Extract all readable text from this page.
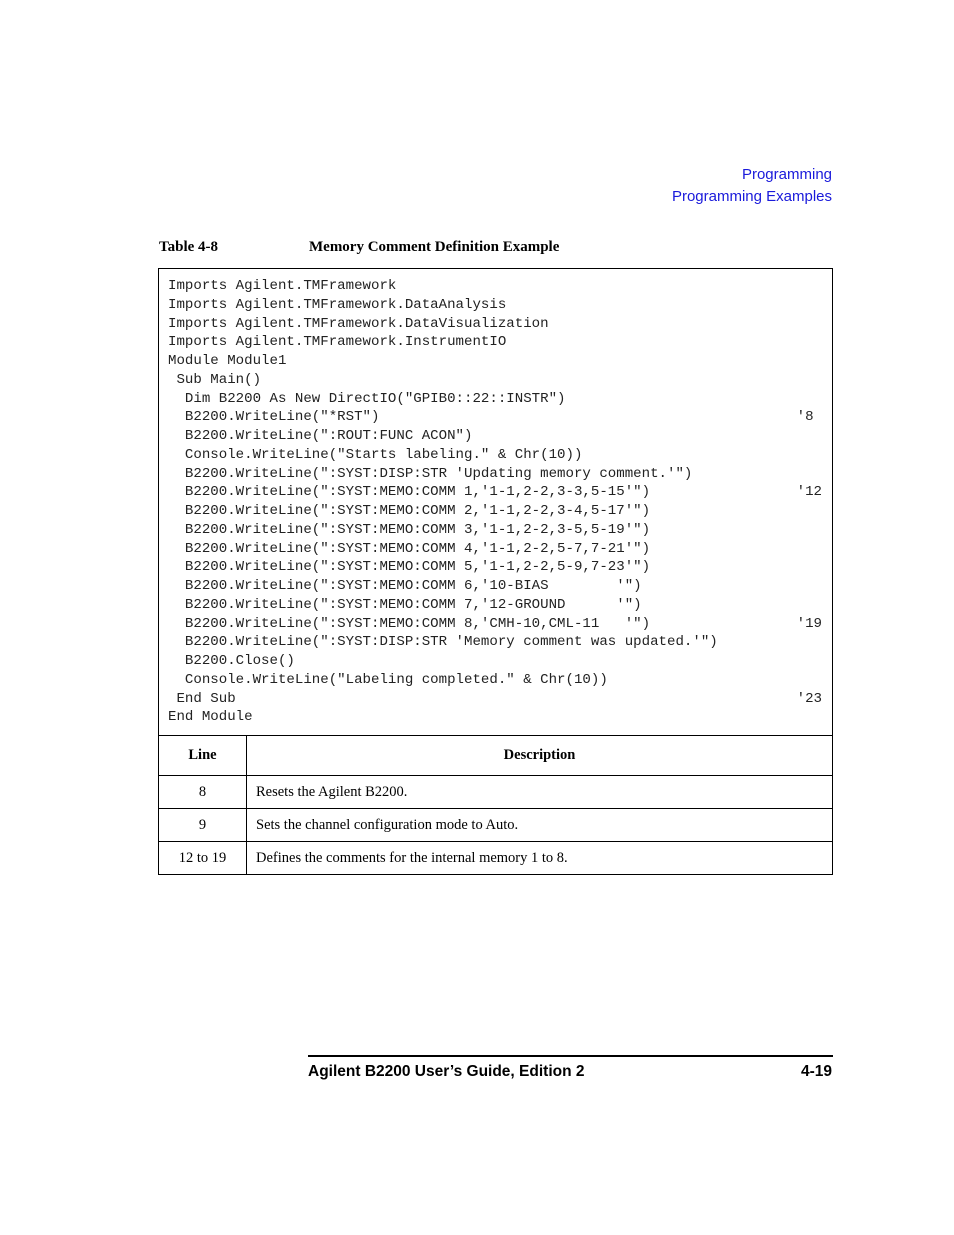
Programming
Programming Examples
Table 4-8	Memory Comment Definition Example
Imports Agilent.TMFramework
Imports Agilent.TMFramework.DataAnalysis
Imports Agilent.TMFramework.DataVisualization
Imports Agilent.TMFramework.InstrumentIO
Module Module1
Sub Main()
Dim B2200 As New DirectIO("GPIB0::22::INSTR")
B2200.WriteLine("*RST")	'8
B2200.WriteLine(":ROUT:FUNC ACON")
Console.WriteLine("Starts labeling." & Chr(10))
B2200.WriteLine(":SYST:DISP:STR 'Updating memory comment.'")
B2200.WriteLine(":SYST:MEMO:COMM 1,'1-1,2-2,3-3,5-15'")	'12
B2200.WriteLine(":SYST:MEMO:COMM 2,'1-1,2-2,3-4,5-17'")
B2200.WriteLine(":SYST:MEMO:COMM 3,'1-1,2-2,3-5,5-19'")
B2200.WriteLine(":SYST:MEMO:COMM 4,'1-1,2-2,5-7,7-21'")
B2200.WriteLine(":SYST:MEMO:COMM 5,'1-1,2-2,5-9,7-23'")
B2200.WriteLine(":SYST:MEMO:COMM 6,'10-BIAS        '")
B2200.WriteLine(":SYST:MEMO:COMM 7,'12-GROUND      '")
B2200.WriteLine(":SYST:MEMO:COMM 8,'CMH-10,CML-11   '")	'19
B2200.WriteLine(":SYST:DISP:STR 'Memory comment was updated.'")
B2200.Close()
Console.WriteLine("Labeling completed." & Chr(10))
End Sub	'23
End Module
Line	Description
8	Resets the Agilent B2200.
9	Sets the channel configuration mode to Auto.
12 to 19	Defines the comments for the internal memory 1 to 8.
Agilent B2200 User’s Guide, Edition 2	4-19
